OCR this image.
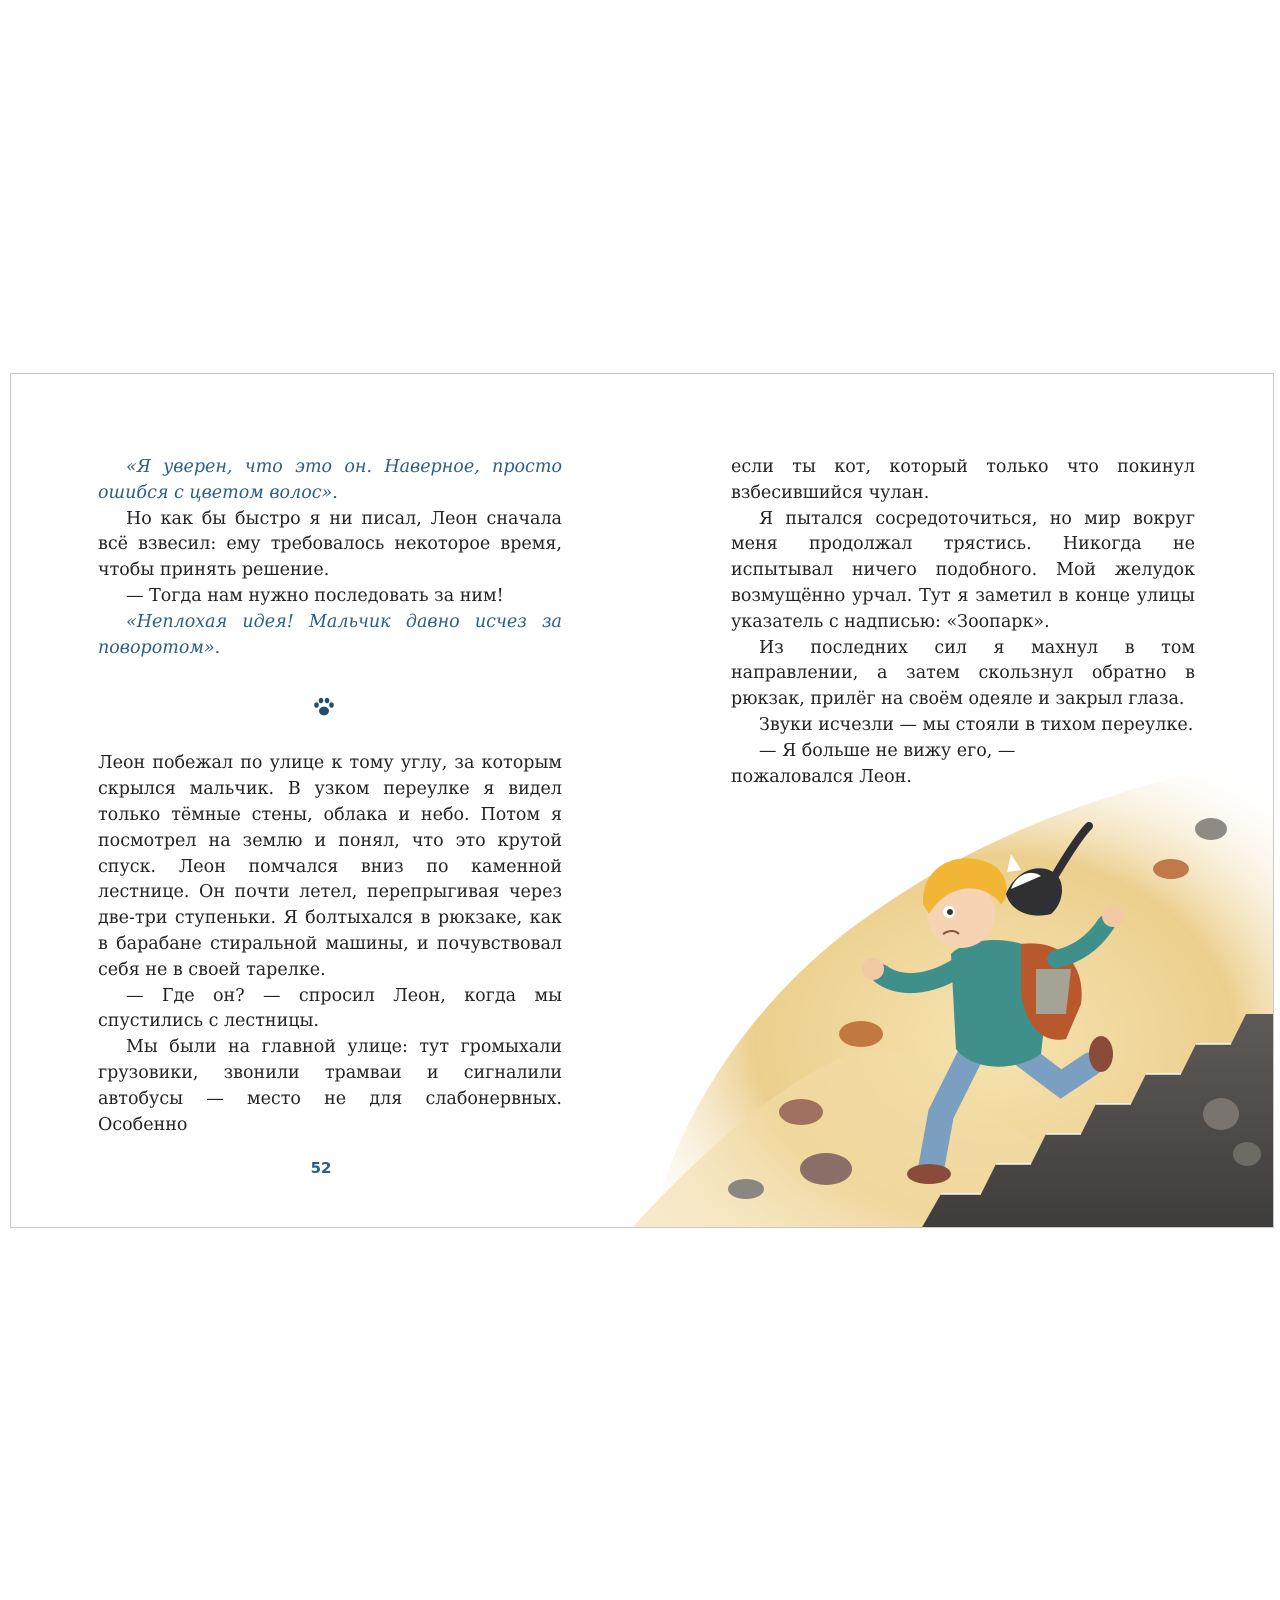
«Я уверен, что это он. Наверное, просто ошибся с цветом волос».

Но как бы быстро я ни писал, Леон сначала всё взвесил: ему требовалось некоторое время, чтобы принять решение.

— Тогда нам нужно последовать за ним!

«Неплохая идея! Мальчик давно исчез за поворотом».

Леон побежал по улице к тому углу, за которым скрылся мальчик. В узком переулке я видел только тёмные стены, облака и небо. Потом я посмотрел на землю и понял, что это крутой спуск. Леон помчался вниз по каменной лестнице. Он почти летел, перепрыгивая через две-три ступеньки. Я болтыхался в рюкзаке, как в барабане стиральной машины, и почувствовал себя не в своей тарелке.

— Где он? — спросил Леон, когда мы спустились с лестницы.

Мы были на главной улице: тут громыхали грузовики, звонили трамваи и сигналили автобусы — место не для слабонервных. Особенно

52

если ты кот, который только что покинул взбесившийся чулан.

Я пытался сосредоточиться, но мир вокруг меня продолжал трястись. Никогда не испытывал ничего подобного. Мой желудок возмущённо урчал. Тут я заметил в конце улицы указатель с надписью: «Зоопарк».

Из последних сил я махнул в том направлении, а затем скользнул обратно в рюкзак, прилёг на своём одеяле и закрыл глаза.

Звуки исчезли — мы стояли в тихом переулке.

— Я больше не вижу его, —

пожаловался Леон.
